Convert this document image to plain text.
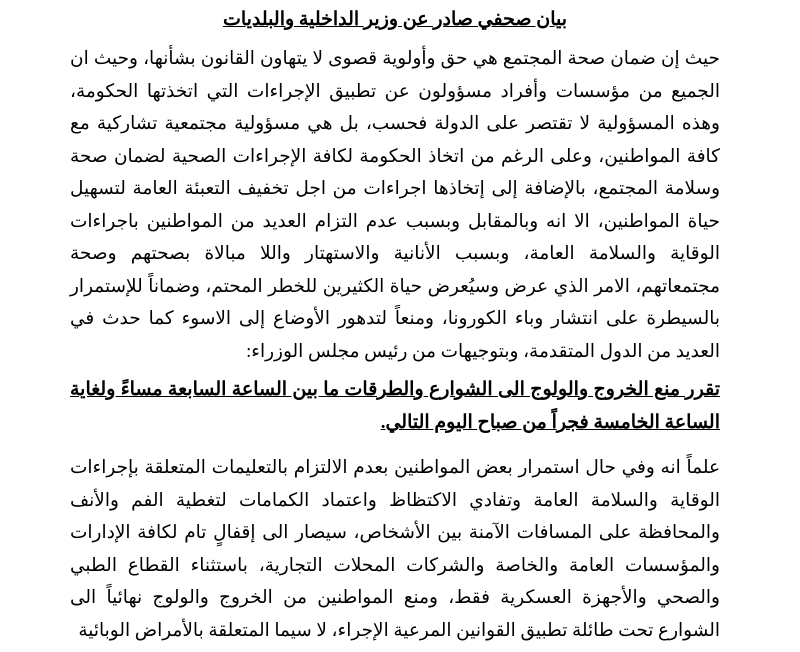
بيان صحفي صادر عن وزير الداخلية والبلديات

حيث إن ضمان صحة المجتمع هي حق وأولوية قصوى لا يتهاون القانون بشأنها، وحيث ان الجميع من مؤسسات وأفراد مسؤولون عن تطبيق الإجراءات التي اتخذتها الحكومة، وهذه المسؤولية لا تقتصر على الدولة فحسب، بل هي مسؤولية مجتمعية تشاركية مع كافة المواطنين، وعلى الرغم من اتخاذ الحكومة لكافة الإجراءات الصحية لضمان صحة وسلامة المجتمع، بالإضافة إلى إتخاذها اجراءات من اجل تخفيف التعبئة العامة لتسهيل حياة المواطنين، الا انه وبالمقابل وبسبب عدم التزام العديد من المواطنين باجراءات الوقاية والسلامة العامة، وبسبب الأنانية والاستهتار واللا مبالاة بصحتهم وصحة مجتمعاتهم، الامر الذي عرض وسيُعرض حياة الكثيرين للخطر المحتم، وضماناً للإستمرار بالسيطرة على انتشار وباء الكورونا، ومنعاً لتدهور الأوضاع إلى الاسوء كما حدث في العديد من الدول المتقدمة، وبتوجيهات من رئيس مجلس الوزراء:

تقرر منع الخروج والولوج الى الشوارع والطرقات ما بين الساعة السابعة مساءً ولغاية الساعة الخامسة فجراً من صباح اليوم التالي.

علماً انه وفي حال استمرار بعض المواطنين بعدم الالتزام بالتعليمات المتعلقة بإجراءات الوقاية والسلامة العامة وتفادي الاكتظاظ واعتماد الكمامات لتغطية الفم والأنف والمحافظة على المسافات الآمنة بين الأشخاص، سيصار الى إقفالٍ تام لكافة الإدارات والمؤسسات العامة والخاصة والشركات المحلات التجارية، باستثناء القطاع الطبي والصحي والأجهزة العسكرية فقط، ومنع المواطنين من الخروج والولوج نهائياً الى الشوارع تحت طائلة تطبيق القوانين المرعية الإجراء، لا سيما المتعلقة بالأمراض الوبائية
